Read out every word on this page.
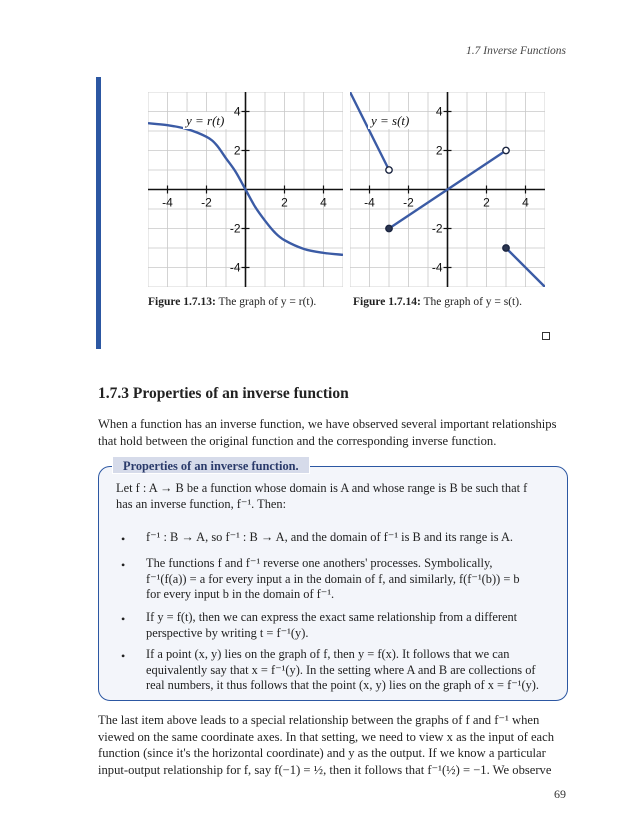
1.7 Inverse Functions
-4 -2	2	4
-4
-2
2
4
y = r(t)
Figure 1.7.13: The graph of y = r(t).
-4 -2	2	4
-4
-2
2
4
y = s(t)
Figure 1.7.14: The graph of y = s(t).
1.7.3 Properties of an inverse function
When a function has an inverse function, we have observed several important relationships
that hold between the original function and the corresponding inverse function.
Properties of an inverse function.
Let f : A → B be a function whose domain is A and whose range is B be such that f
has an inverse function, f⁻¹. Then:
• f⁻¹ : B → A, so f⁻¹ : B → A, and the domain of f⁻¹ is B and its range is A.
• The functions f and f⁻¹ reverse one anothers' processes. Symbolically,
f⁻¹(f(a)) = a for every input a in the domain of f, and similarly, f(f⁻¹(b)) = b
for every input b in the domain of f⁻¹.
• If y = f(t), then we can express the exact same relationship from a different
perspective by writing t = f⁻¹(y).
• If a point (x, y) lies on the graph of f, then y = f(x). It follows that we can
equivalently say that x = f⁻¹(y). In the setting where A and B are collections of
real numbers, it thus follows that the point (x, y) lies on the graph of x = f⁻¹(y).
The last item above leads to a special relationship between the graphs of f and f⁻¹ when
viewed on the same coordinate axes. In that setting, we need to view x as the input of each
function (since it's the horizontal coordinate) and y as the output. If we know a particular
input-output relationship for f, say f(−1) = ½, then it follows that f⁻¹(½) = −1. We observe
69
